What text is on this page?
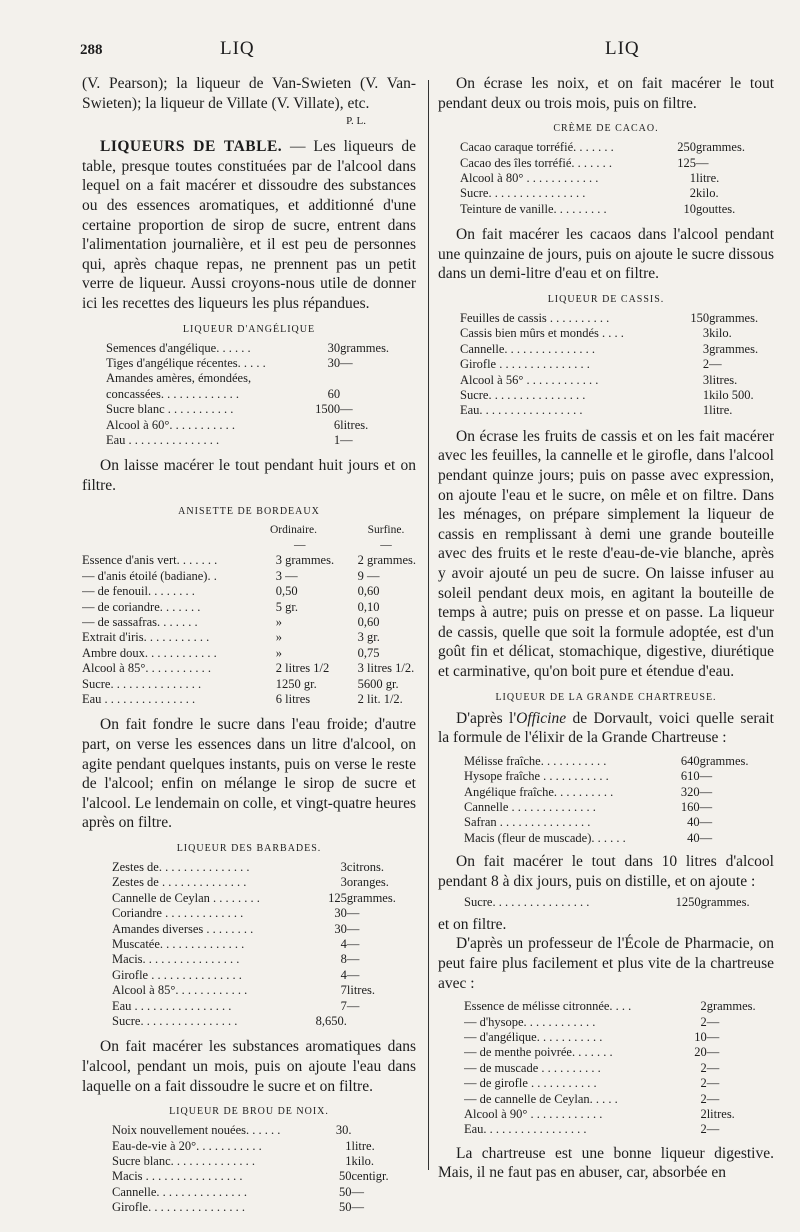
288	LIQ	LIQ

(V. Pearson); la liqueur de Van-Swieten (V. Van-Swieten); la liqueur de Villate (V. Villate), etc.

P. L.

LIQUEURS DE TABLE. — Les liqueurs de table, presque toutes constituées par de l'alcool dans lequel on a fait macérer et dissoudre des substances ou des essences aromatiques, et additionné d'une certaine proportion de sirop de sucre, entrent dans l'alimentation journalière, et il est peu de personnes qui, après chaque repas, ne prennent pas un petit verre de liqueur. Aussi croyons-nous utile de donner ici les recettes des liqueurs les plus répandues.

LIQUEUR D'ANGÉLIQUE
Semences d'angélique. . . . . .	30	grammes.
Tiges d'angélique récentes. . . . .	30	—
Amandes amères, émondées, concassées. . . . . . . . . . . . .	60	
Sucre blanc . . . . . . . . . . .	1500	—
Alcool à 60°. . . . . . . . . . .	6	litres.
Eau . . . . . . . . . . . . . . .	1	—

On laisse macérer le tout pendant huit jours et on filtre.

ANISETTE DE BORDEAUX
	Ordinaire.	Surfine.
	—	—
Essence d'anis vert. . . . . . .	3 grammes.	2 grammes.
— d'anis étoilé (badiane). .	3 —	9 —
— de fenouil. . . . . . . .	0,50	0,60
— de coriandre. . . . . . .	5 gr.	0,10
— de sassafras. . . . . . .	»	0,60
Extrait d'iris. . . . . . . . . . .	»	3 gr.
Ambre doux. . . . . . . . . . . .	»	0,75
Alcool à 85°. . . . . . . . . . .	2 litres 1/2	3 litres 1/2.
Sucre. . . . . . . . . . . . . . .	1250 gr.	5600 gr.
Eau . . . . . . . . . . . . . . .	6 litres	2 lit. 1/2.

On fait fondre le sucre dans l'eau froide; d'autre part, on verse les essences dans un litre d'alcool, on agite pendant quelques instants, puis on verse le reste de l'alcool; enfin on mélange le sirop de sucre et l'alcool. Le lendemain on colle, et vingt-quatre heures après on filtre.

LIQUEUR DES BARBADES.
Zestes de. . . . . . . . . . . . . . .	3	citrons.
Zestes de . . . . . . . . . . . . . .	3	oranges.
Cannelle de Ceylan . . . . . . . .	125	grammes.
Coriandre . . . . . . . . . . . . .	30	—
Amandes diverses . . . . . . . .	30	—
Muscatée. . . . . . . . . . . . . .	4	—
Macis. . . . . . . . . . . . . . . .	8	—
Girofle . . . . . . . . . . . . . . .	4	—
Alcool à 85°. . . . . . . . . . . .	7	litres.
Eau . . . . . . . . . . . . . . . .	7	—
Sucre. . . . . . . . . . . . . . . .	8,650.	

On fait macérer les substances aromatiques dans l'alcool, pendant un mois, puis on ajoute l'eau dans laquelle on a fait dissoudre le sucre et on filtre.

LIQUEUR DE BROU DE NOIX.
Noix nouvellement nouées. . . . . .	30.	
Eau-de-vie à 20°. . . . . . . . . . .	1	litre.
Sucre blanc. . . . . . . . . . . . . .	1	kilo.
Macis . . . . . . . . . . . . . . . .	50	centigr.
Cannelle. . . . . . . . . . . . . . .	50	—
Girofle. . . . . . . . . . . . . . . .	50	—

On écrase les noix, et on fait macérer le tout pendant deux ou trois mois, puis on filtre.

CRÈME DE CACAO.
Cacao caraque torréfié. . . . . . .	250	grammes.
Cacao des îles torréfié. . . . . . .	125	—
Alcool à 80° . . . . . . . . . . . .	1	litre.
Sucre. . . . . . . . . . . . . . . .	2	kilo.
Teinture de vanille. . . . . . . . .	10	gouttes.

On fait macérer les cacaos dans l'alcool pendant une quinzaine de jours, puis on ajoute le sucre dissous dans un demi-litre d'eau et on filtre.

LIQUEUR DE CASSIS.
Feuilles de cassis . . . . . . . . . .	150	grammes.
Cassis bien mûrs et mondés . . . .	3	kilo.
Cannelle. . . . . . . . . . . . . . .	3	grammes.
Girofle . . . . . . . . . . . . . . .	2	—
Alcool à 56° . . . . . . . . . . . .	3	litres.
Sucre. . . . . . . . . . . . . . . .	1	kilo 500.
Eau. . . . . . . . . . . . . . . . .	1	litre.

On écrase les fruits de cassis et on les fait macérer avec les feuilles, la cannelle et le girofle, dans l'alcool pendant quinze jours; puis on passe avec expression, on ajoute l'eau et le sucre, on mêle et on filtre. Dans les ménages, on prépare simplement la liqueur de cassis en remplissant à demi une grande bouteille avec des fruits et le reste d'eau-de-vie blanche, après y avoir ajouté un peu de sucre. On laisse infuser au soleil pendant deux mois, en agitant la bouteille de temps à autre; puis on presse et on passe. La liqueur de cassis, quelle que soit la formule adoptée, est d'un goût fin et délicat, stomachique, digestive, diurétique et carminative, qu'on boit pure et étendue d'eau.

LIQUEUR DE LA GRANDE CHARTREUSE.

D'après l'Officine de Dorvault, voici quelle serait la formule de l'élixir de la Grande Chartreuse :

Mélisse fraîche. . . . . . . . . . .	640	grammes.
Hysope fraîche . . . . . . . . . . .	610	—
Angélique fraîche. . . . . . . . . .	320	—
Cannelle . . . . . . . . . . . . . .	160	—
Safran . . . . . . . . . . . . . . .	40	—
Macis (fleur de muscade). . . . . .	40	—

On fait macérer le tout dans 10 litres d'alcool pendant 8 à dix jours, puis on distille, et on ajoute :

Sucre. . . . . . . . . . . . . . . .	1250	grammes.

et on filtre.

D'après un professeur de l'École de Pharmacie, on peut faire plus facilement et plus vite de la chartreuse avec :

Essence de mélisse citronnée. . . .	2	grammes.
— d'hysope. . . . . . . . . . . .	2	—
— d'angélique. . . . . . . . . . .	10	—
— de menthe poivrée. . . . . . .	20	—
— de muscade . . . . . . . . . .	2	—
— de girofle . . . . . . . . . . .	2	—
— de cannelle de Ceylan. . . . .	2	—
Alcool à 90° . . . . . . . . . . . .	2	litres.
Eau. . . . . . . . . . . . . . . . .	2	—

La chartreuse est une bonne liqueur digestive. Mais, il ne faut pas en abuser, car, absorbée en
